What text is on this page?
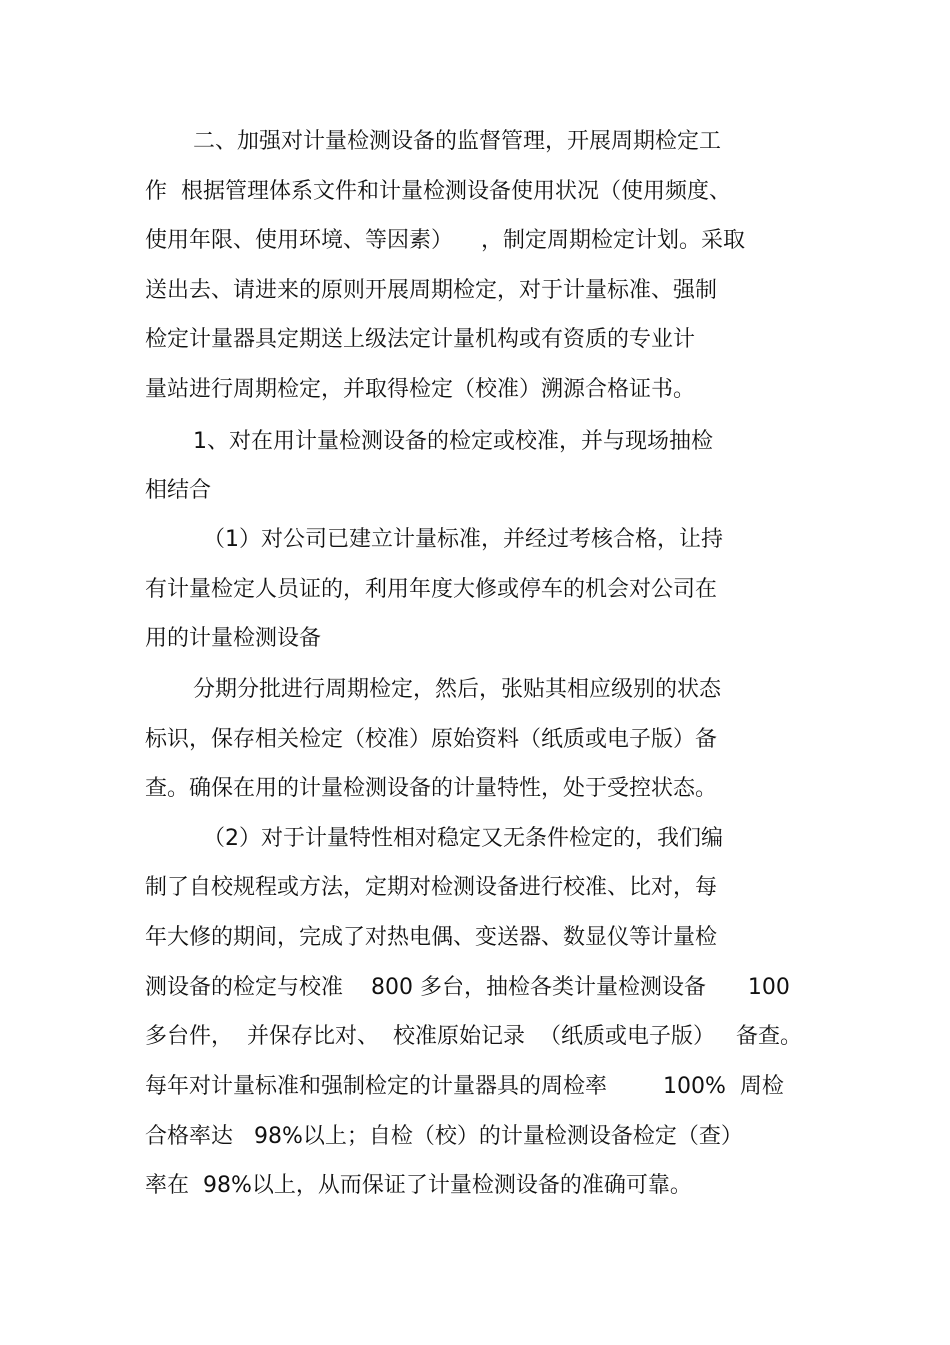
二、加强对计量检测设备的监督管理，开展周期检定工
作  根据管理体系文件和计量检测设备使用状况（使用频度、
使用年限、使用环境、等因素）    ，制定周期检定计划。采取
送出去、请进来的原则开展周期检定，对于计量标准、强制
检定计量器具定期送上级法定计量机构或有资质的专业计
量站进行周期检定，并取得检定（校准）溯源合格证书。
1、对在用计量检测设备的检定或校准，并与现场抽检
相结合
（1）对公司已建立计量标准，并经过考核合格，让持
有计量检定人员证的，利用年度大修或停车的机会对公司在
用的计量检测设备
分期分批进行周期检定，然后，张贴其相应级别的状态
标识，保存相关检定（校准）原始资料（纸质或电子版）备
查。确保在用的计量检测设备的计量特性，处于受控状态。
（2）对于计量特性相对稳定又无条件检定的，我们编
制了自校规程或方法，定期对检测设备进行校准、比对，每
年大修的期间，完成了对热电偶、变送器、数显仪等计量检
测设备的检定与校准    800 多台，抽检各类计量检测设备      100
多台件，  并保存比对、  校准原始记录  （纸质或电子版）   备查。
每年对计量标准和强制检定的计量器具的周检率        100%  周检
合格率达   98%以上；自检（校）的计量检测设备检定（查）
率在  98%以上，从而保证了计量检测设备的准确可靠。
